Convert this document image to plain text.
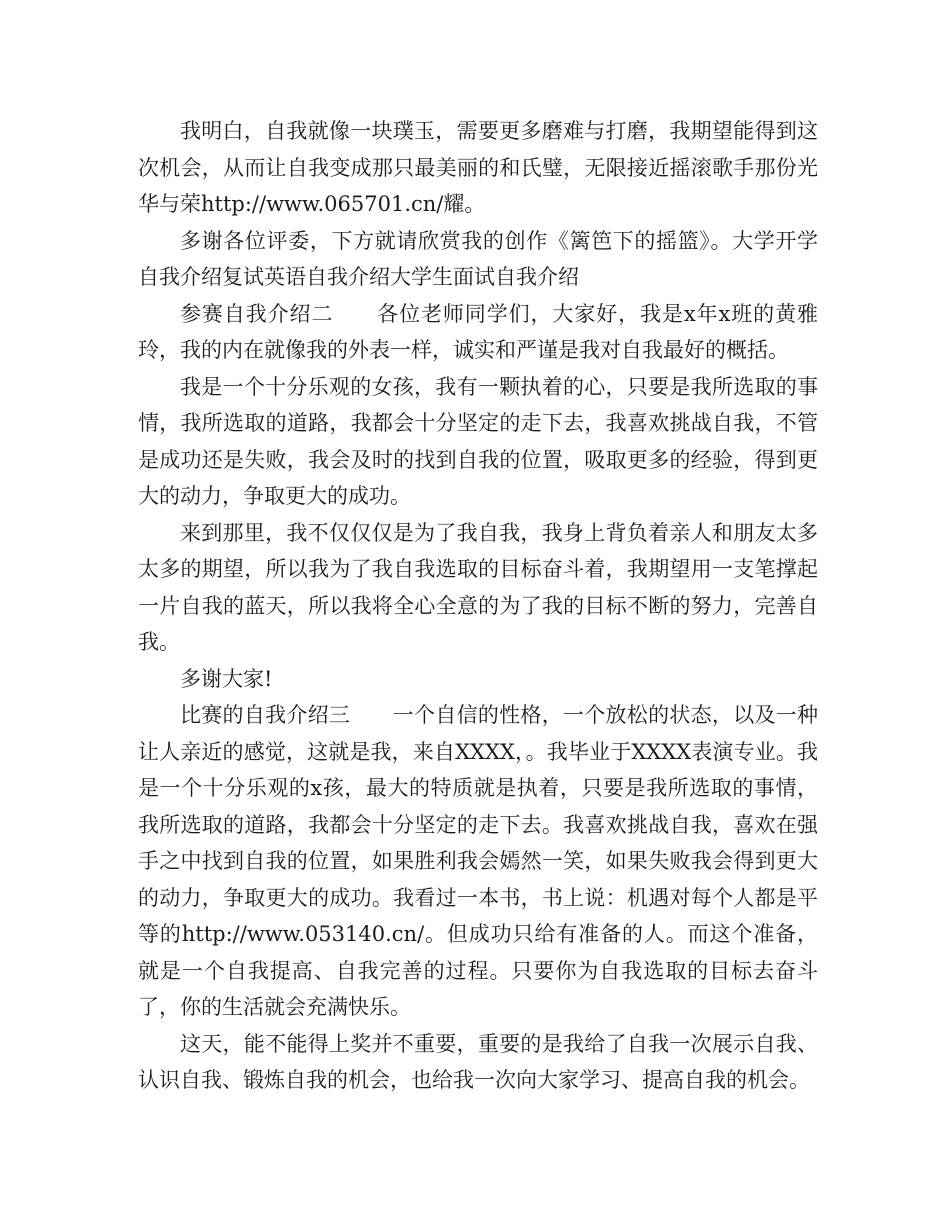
我明白，自我就像一块璞玉，需要更多磨难与打磨，我期望能得到这次机会，从而让自我变成那只最美丽的和氏璧，无限接近摇滚歌手那份光华与荣http://www.065701.cn/耀。

多谢各位评委，下方就请欣赏我的创作《篱笆下的摇篮》。大学开学自我介绍复试英语自我介绍大学生面试自我介绍

参赛自我介绍二　　各位老师同学们，大家好，我是x年x班的黄雅玲，我的内在就像我的外表一样，诚实和严谨是我对自我最好的概括。

我是一个十分乐观的女孩，我有一颗执着的心，只要是我所选取的事情，我所选取的道路，我都会十分坚定的走下去，我喜欢挑战自我，不管是成功还是失败，我会及时的找到自我的位置，吸取更多的经验，得到更大的动力，争取更大的成功。

来到那里，我不仅仅仅是为了我自我，我身上背负着亲人和朋友太多太多的期望，所以我为了我自我选取的目标奋斗着，我期望用一支笔撑起一片自我的蓝天，所以我将全心全意的为了我的目标不断的努力，完善自我。

多谢大家!

比赛的自我介绍三　　一个自信的性格，一个放松的状态，以及一种让人亲近的感觉，这就是我，来自XXXX，。我毕业于XXXX表演专业。我是一个十分乐观的x孩，最大的特质就是执着，只要是我所选取的事情，我所选取的道路，我都会十分坚定的走下去。我喜欢挑战自我，喜欢在强手之中找到自我的位置，如果胜利我会嫣然一笑，如果失败我会得到更大的动力，争取更大的成功。我看过一本书，书上说：机遇对每个人都是平等的http://www.053140.cn/。但成功只给有准备的人。而这个准备，就是一个自我提高、自我完善的过程。只要你为自我选取的目标去奋斗了，你的生活就会充满快乐。

这天，能不能得上奖并不重要，重要的是我给了自我一次展示自我、认识自我、锻炼自我的机会，也给我一次向大家学习、提高自我的机会。
